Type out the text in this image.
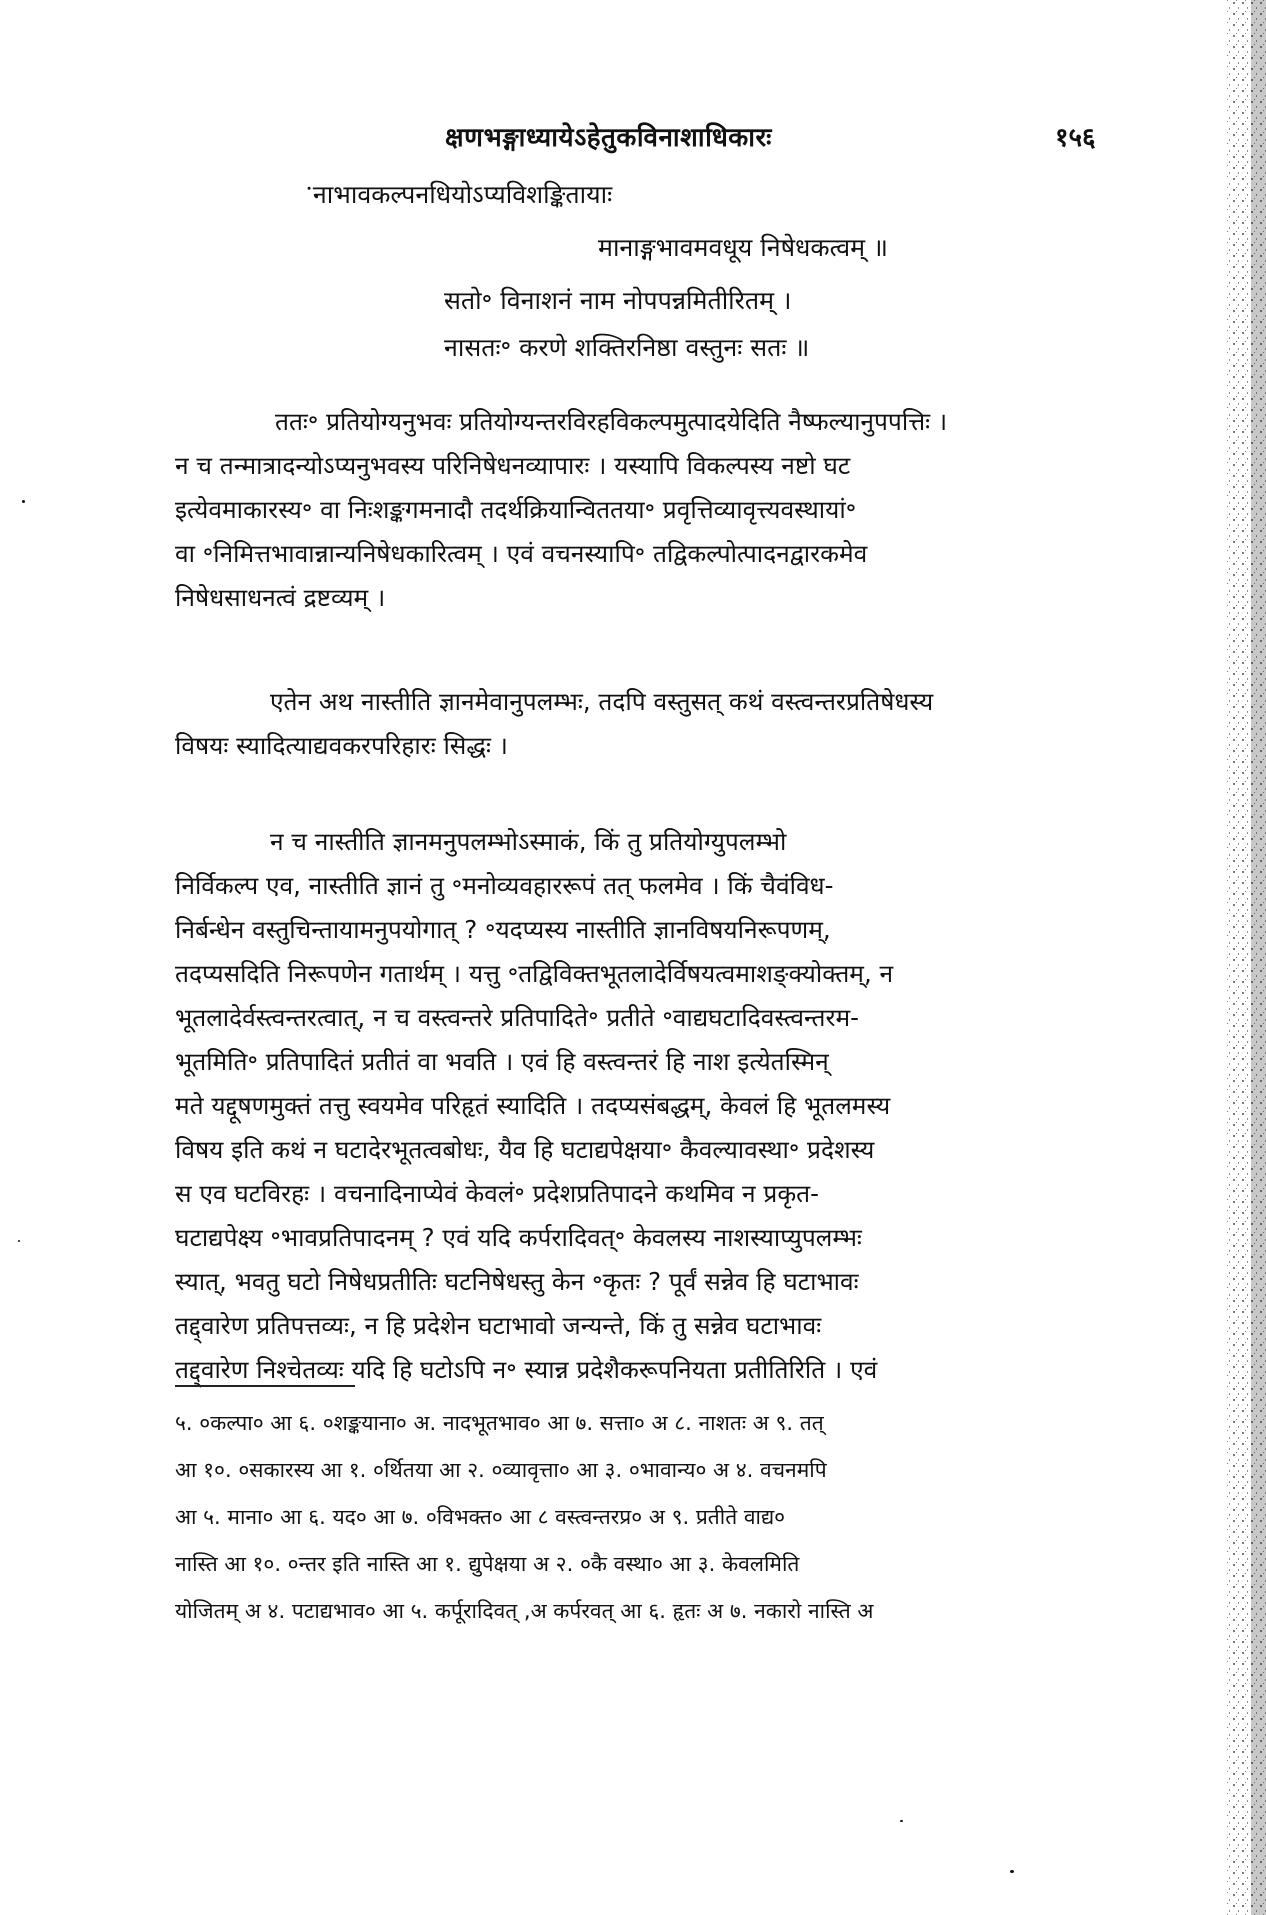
क्षणभङ्गाध्यायेऽहेतुकविनाशाधिकारः	१५६
ॱनाभावकल्पनधियोऽप्यविशङ्कितायाः
मानाङ्गभावमवधूय निषेधकत्वम् ॥
सतो॰ विनाशनं नाम नोपपन्नमितीरितम् ।
नासतः॰ करणे शक्तिरनिष्ठा वस्तुनः सतः ॥
ततः॰ प्रतियोग्यनुभवः प्रतियोग्यन्तरविरहविकल्पमुत्पादयेदिति नैष्फल्यानुपपत्तिः ।
न च तन्मात्रादन्योऽप्यनुभवस्य परिनिषेधनव्यापारः । यस्यापि विकल्पस्य नष्टो घट
इत्येवमाकारस्य॰ वा निःशङ्कगमनादौ तदर्थक्रियान्विततया॰ प्रवृत्तिव्यावृत्त्यवस्थायां॰
वा ॰निमित्तभावान्नान्यनिषेधकारित्वम् । एवं वचनस्यापि॰ तद्विकल्पोत्पादनद्वारकमेव
निषेधसाधनत्वं द्रष्टव्यम् ।
एतेन अथ नास्तीति ज्ञानमेवानुपलम्भः, तदपि वस्तुसत् कथं वस्त्वन्तरप्रतिषेधस्य
विषयः स्यादित्याद्यवकरपरिहारः सिद्धः ।
न च नास्तीति ज्ञानमनुपलम्भोऽस्माकं, किं तु प्रतियोग्युपलम्भो
निर्विकल्प एव, नास्तीति ज्ञानं तु ॰मनोव्यवहाररूपं तत् फलमेव । किं चैवंविध-
निर्बन्धेन वस्तुचिन्तायामनुपयोगात् ? ॰यदप्यस्य नास्तीति ज्ञानविषयनिरूपणम्,
तदप्यसदिति निरूपणेन गतार्थम् । यत्तु ॰तद्विविक्तभूतलादेर्विषयत्वमाशङ्क्योक्तम्, न
भूतलादेर्वस्त्वन्तरत्वात्, न च वस्त्वन्तरे प्रतिपादिते॰ प्रतीते ॰वाद्यघटादिवस्त्वन्तरम-
भूतमिति॰ प्रतिपादितं प्रतीतं वा भवति । एवं हि वस्त्वन्तरं हि नाश इत्येतस्मिन्
मते यद्दूषणमुक्तं तत्तु स्वयमेव परिहृतं स्यादिति । तदप्यसंबद्धम्, केवलं हि भूतलमस्य
विषय इति कथं न घटादेरभूतत्वबोधः, यैव हि घटाद्यपेक्षया॰ कैवल्यावस्था॰ प्रदेशस्य
स एव घटविरहः । वचनादिनाप्येवं केवलं॰ प्रदेशप्रतिपादने कथमिव न प्रकृत-
घटाद्यपेक्ष्य ॰भावप्रतिपादनम् ? एवं यदि कर्परादिवत्॰ केवलस्य नाशस्याप्युपलम्भः
स्यात्, भवतु घटो निषेधप्रतीतिः घटनिषेधस्तु केन ॰कृतः ? पूर्वं सन्नेव हि घटाभावः
तद्द्वारेण प्रतिपत्तव्यः, न हि प्रदेशेन घटाभावो जन्यन्ते, किं तु सन्नेव घटाभावः
तद्द्वारेण निश्चेतव्यः यदि हि घटोऽपि न॰ स्यान्न प्रदेशैकरूपनियता प्रतीतिरिति । एवं
५. ०कल्पा० आ ६. ०शङ्कयाना० अ. नादभूतभाव० आ ७. सत्ता० अ ८. नाशतः अ ९. तत्
आ १०. ०सकारस्य आ १. ०र्थितया आ २. ०व्यावृत्ता० आ ३. ०भावान्य० अ ४. वचनमपि
आ ५. माना० आ ६. यद० आ ७. ०विभक्त० आ ८ वस्त्वन्तरप्र० अ ९. प्रतीते वाद्य०
नास्ति आ १०. ०न्तर इति नास्ति आ १. द्युपेक्षया अ २. ०कै वस्था० आ ३. केवलमिति
योजितम् अ ४. पटाद्यभाव० आ ५. कर्पूरादिवत् ,अ कर्परवत् आ ६. हृतः अ ७. नकारो नास्ति अ
